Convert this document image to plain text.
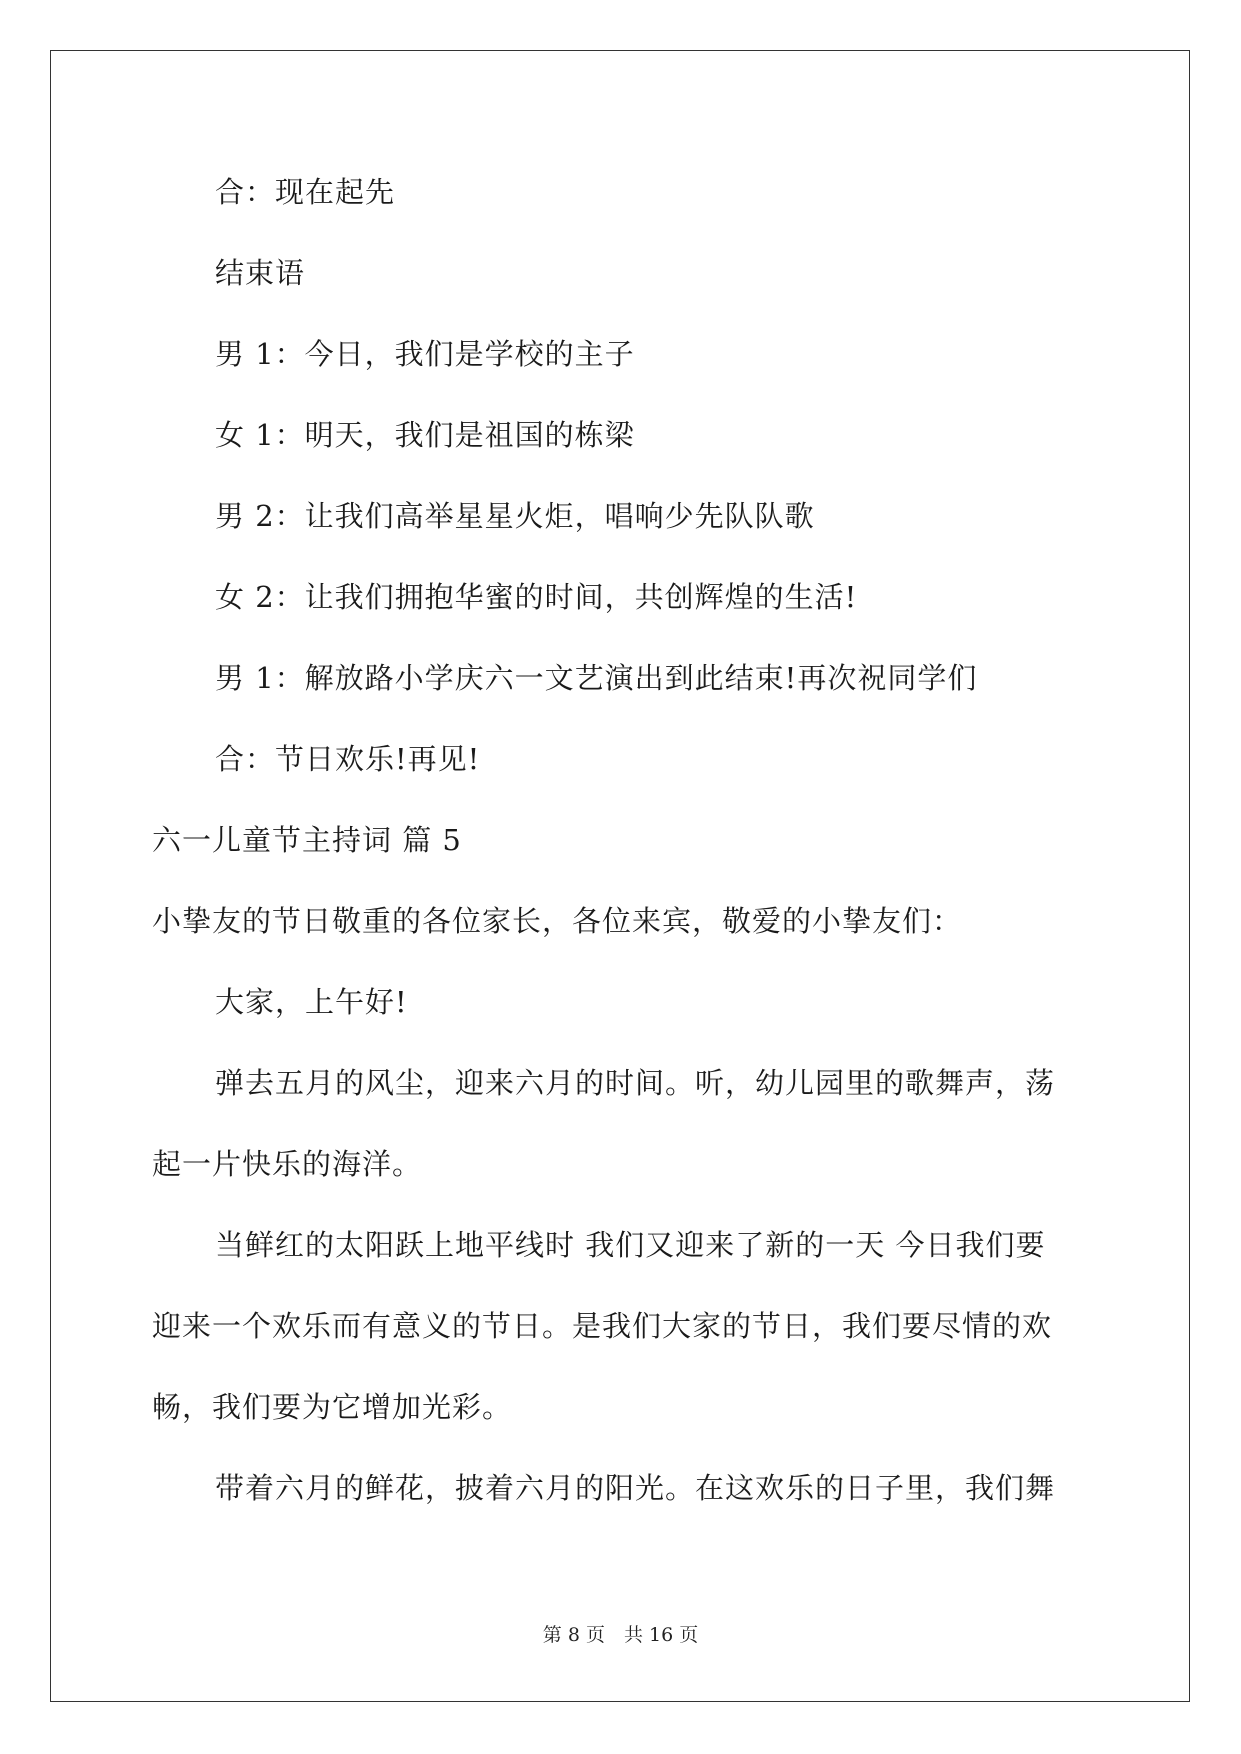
合：现在起先
结束语
男 1：今日，我们是学校的主子
女 1：明天，我们是祖国的栋梁
男 2：让我们高举星星火炬，唱响少先队队歌
女 2：让我们拥抱华蜜的时间，共创辉煌的生活!
男 1：解放路小学庆六一文艺演出到此结束!再次祝同学们
合：节日欢乐!再见!
六一儿童节主持词 篇 5
小挚友的节日敬重的各位家长，各位来宾，敬爱的小挚友们：
大家，上午好!
弹去五月的风尘，迎来六月的时间。听，幼儿园里的歌舞声，荡
起一片快乐的海洋。
当鲜红的太阳跃上地平线时 我们又迎来了新的一天 今日我们要
迎来一个欢乐而有意义的节日。是我们大家的节日，我们要尽情的欢
畅，我们要为它增加光彩。
带着六月的鲜花，披着六月的阳光。在这欢乐的日子里，我们舞
第 8 页　共 16 页
